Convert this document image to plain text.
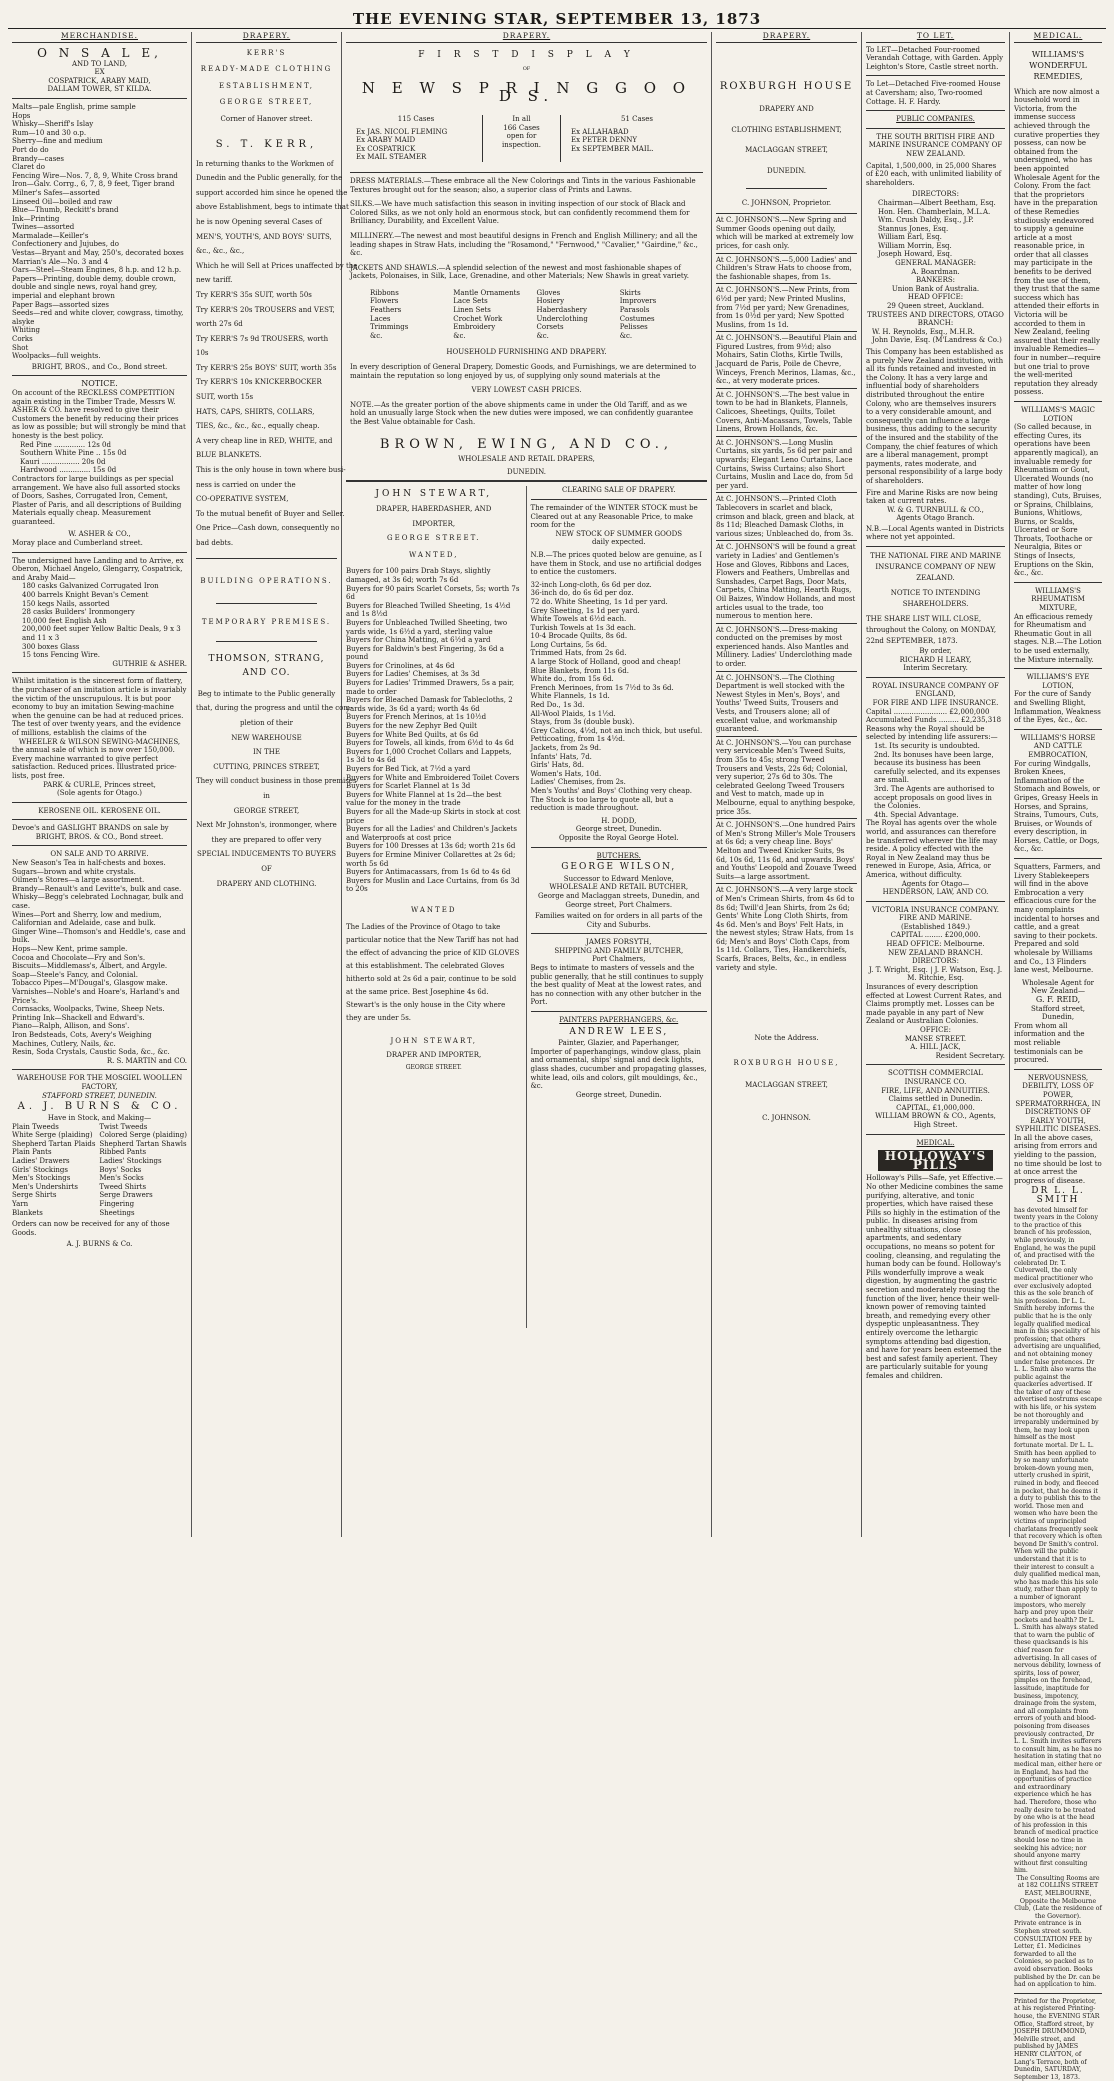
THE EVENING STAR, SEPTEMBER 13, 1873
MERCHANDISE.
O N S A L E,
AND TO LAND,
EX
COSPATRICK, ARABY MAID,
DALLAM TOWER, ST KILDA.
Malts—pale English, prime sample
Hops
Whisky—Sheriff's Islay
Rum—10 and 30 o.p.
Sherry—fine and medium
Port do do
Brandy—cases
Claret do
Fencing Wire—Nos. 7, 8, 9, White Cross brand
Iron—Galv. Corrg., 6, 7, 8, 9 feet, Tiger brand
Milner's Safes—assorted
Linseed Oil—boiled and raw
Blue—Thumb, Reckitt's brand
Ink—Printing
Twines—assorted
Marmalade—Keiller's
Confectionery and Jujubes, do
Vestas—Bryant and May, 250's, decorated boxes
Marrian's Ale—No. 3 and 4
Oars—Steel—Steam Engines, 8 h.p. and 12 h.p.
Papers—Printing, double demy, double crown, double and single news, royal hand grey, imperial and elephant brown
Paper Bags—assorted sizes
Seeds—red and white clover, cowgrass, timothy, alsyke
Whiting
Corks
Shot
Woolpacks—full weights.
BRIGHT, BROS., and Co., Bond street.
NOTICE.
On account of the RECKLESS COMPETITION again existing in the Timber Trade, Messrs W. ASHER & CO. have resolved to give their Customers the benefit by reducing their prices as low as possible; but will strongly be mind that honesty is the best policy.
Red Pine .............. 12s 0d
Southern White Pine .. 15s 0d
Kauri ................. 20s 0d
Hardwood .............. 15s 0d
Contractors for large buildings as per special arrangement. We have also full assorted stocks of Doors, Sashes, Corrugated Iron, Cement, Plaster of Paris, and all descriptions of Building Materials equally cheap. Measurement guaranteed.
W. ASHER & CO.,
Moray place and Cumberland street.
The undersigned have Landing and to Arrive, ex Oberon, Michael Angelo, Glengarry, Cospatrick, and Araby Maid—
180 casks Galvanized Corrugated Iron
400 barrels Knight Bevan's Cement
150 kegs Nails, assorted
28 casks Builders' Ironmongery
10,000 feet English Ash
200,000 feet super Yellow Baltic Deals, 9 x 3 and 11 x 3
300 boxes Glass
15 tons Fencing Wire.
GUTHRIE & ASHER.
Whilst imitation is the sincerest form of flattery, the purchaser of an imitation article is invariably the victim of the unscrupulous. It is but poor economy to buy an imitation Sewing-machine when the genuine can be had at reduced prices. The test of over twenty years, and the evidence of millions, establish the claims of the
WHEELER & WILSON SEWING-MACHINES,
the annual sale of which is now over 150,000. Every machine warranted to give perfect satisfaction. Reduced prices. Illustrated price-lists, post free.
PARK & CURLE, Princes street,
(Sole agents for Otago.)
KEROSENE OIL. KEROSENE OIL.
Devoe's and GASLIGHT BRANDS on sale by
BRIGHT, BROS. & CO., Bond street.
ON SALE AND TO ARRIVE.
New Season's Tea in half-chests and boxes.
Sugars—brown and white crystals.
Oilmen's Stores—a large assortment.
Brandy—Renault's and Levitte's, bulk and case.
Whisky—Begg's celebrated Lochnagar, bulk and case.
Wines—Port and Sherry, low and medium, Californian and Adelaide, case and bulk.
Ginger Wine—Thomson's and Heddle's, case and bulk.
Hops—New Kent, prime sample.
Cocoa and Chocolate—Fry and Son's.
Biscuits—Middlemass's, Albert, and Argyle.
Soap—Steele's Fancy, and Colonial.
Tobacco Pipes—M'Dougal's, Glasgow make.
Varnishes—Noble's and Hoare's, Harland's and Price's.
Cornsacks, Woolpacks, Twine, Sheep Nets.
Printing Ink—Shackell and Edward's.
Piano—Ralph, Allison, and Sons'.
Iron Bedsteads, Cots, Avery's Weighing Machines, Cutlery, Nails, &c.
Resin, Soda Crystals, Caustic Soda, &c., &c.
R. S. MARTIN and CO.
WAREHOUSE FOR THE MOSGIEL WOOLLEN FACTORY,
STAFFORD STREET, DUNEDIN.
A. J. BURNS & CO.
Have in Stock, and Making—
Plain Tweeds
White Serge (plaiding)
Shepherd Tartan Plaids
Plain Pants
Ladies' Drawers
Girls' Stockings
Men's Stockings
Men's Undershirts
Serge Shirts
Yarn
Blankets
Twist Tweeds
Colored Serge (plaiding)
Shepherd Tartan Shawls
Ribbed Pants
Ladies' Stockings
Boys' Socks
Men's Socks
Tweed Shirts
Serge Drawers
Fingering
Sheetings
Orders can now be received for any of those Goods.
A. J. BURNS & Co.
DRAPERY.
KERR'S
READY-MADE CLOTHING
ESTABLISHMENT,
GEORGE STREET,
Corner of Hanover street.
S. T. KERR,
In returning thanks to the Workmen of
Dunedin and the Public generally, for the
support accorded him since he opened the
above Establishment, begs to intimate that
he is now Opening several Cases of
MEN'S, YOUTH'S, AND BOYS' SUITS,
&c., &c., &c.,
Which he will Sell at Prices unaffected by the
new tariff.
Try KERR'S 35s SUIT, worth 50s
Try KERR'S 20s TROUSERS and VEST,
worth 27s 6d
Try KERR'S 7s 9d TROUSERS, worth
10s
Try KERR'S 25s BOYS' SUIT, worth 35s
Try KERR'S 10s KNICKERBOCKER
SUIT, worth 15s
HATS, CAPS, SHIRTS, COLLARS,
TIES, &c., &c., &c., equally cheap.
A very cheap line in RED, WHITE, and
BLUE BLANKETS.
This is the only house in town where busi-
ness is carried on under the
CO-OPERATIVE SYSTEM,
To the mutual benefit of Buyer and Seller.
One Price—Cash down, consequently no
bad debts.
BUILDING OPERATIONS.
TEMPORARY PREMISES.
THOMSON, STRANG, AND CO.
Beg to intimate to the Public generally
that, during the progress and until the com-
pletion of their
NEW WAREHOUSE
IN THE
CUTTING, PRINCES STREET,
They will conduct business in those premises
in
GEORGE STREET,
Next Mr Johnston's, ironmonger, where
they are prepared to offer very
SPECIAL INDUCEMENTS TO BUYERS
OF
DRAPERY AND CLOTHING.
DRAPERY.
F I R S T D I S P L A Y
OF
N E W S P R I N G G O O D S.
115 Cases
Ex JAS. NICOL FLEMING
Ex ARABY MAID
Ex COSPATRICK
Ex MAIL STEAMER
In all
166 Cases
open for
inspection.
51 Cases
Ex ALLAHABAD
Ex PETER DENNY
Ex SEPTEMBER MAIL.
DRESS MATERIALS.—These embrace all the New Colorings and Tints in the various Fashionable Textures brought out for the season; also, a superior class of Prints and Lawns.
SILKS.—We have much satisfaction this season in inviting inspection of our stock of Black and Colored Silks, as we not only hold an enormous stock, but can confidently recommend them for Brilliancy, Durability, and Excellent Value.
MILLINERY.—The newest and most beautiful designs in French and English Millinery; and all the leading shapes in Straw Hats, including the "Rosamond," "Fernwood," "Cavalier," "Gairdine," &c., &c.
JACKETS AND SHAWLS.—A splendid selection of the newest and most fashionable shapes of Jackets, Polonaises, in Silk, Lace, Grenadine, and other Materials; New Shawls in great variety.
Ribbons
Flowers
Feathers
Laces
Trimmings
&c.
Mantle Ornaments
Lace Sets
Linen Sets
Crochet Work
Embroidery
&c.
Gloves
Hosiery
Haberdashery
Underclothing
Corsets
&c.
Skirts
Improvers
Parasols
Costumes
Pelisses
&c.
HOUSEHOLD FURNISHING AND DRAPERY.
In every description of General Drapery, Domestic Goods, and Furnishings, we are determined to maintain the reputation so long enjoyed by us, of supplying only sound materials at the
VERY LOWEST CASH PRICES.
NOTE.—As the greater portion of the above shipments came in under the Old Tariff, and as we hold an unusually large Stock when the new duties were imposed, we can confidently guarantee the Best Value obtainable for Cash.
BROWN, EWING, AND CO.,
WHOLESALE AND RETAIL DRAPERS,
DUNEDIN.
JOHN STEWART,
DRAPER, HABERDASHER, AND
IMPORTER,
GEORGE STREET.
WANTED,
Buyers for 100 pairs Drab Stays, slightly damaged, at 3s 6d; worth 7s 6d
Buyers for 90 pairs Scarlet Corsets, 5s; worth 7s 6d
Buyers for Bleached Twilled Sheeting, 1s 4½d and 1s 8½d
Buyers for Unbleached Twilled Sheeting, two yards wide, 1s 6½d a yard, sterling value
Buyers for China Matting, at 6½d a yard
Buyers for Baldwin's best Fingering, 3s 6d a pound
Buyers for Crinolines, at 4s 6d
Buyers for Ladies' Chemises, at 3s 3d
Buyers for Ladies' Trimmed Drawers, 5s a pair, made to order
Buyers for Bleached Damask for Tablecloths, 2 yards wide, 3s 6d a yard; worth 4s 6d
Buyers for French Merinos, at 1s 10½d
Buyers for the new Zephyr Bed Quilt
Buyers for White Bed Quilts, at 6s 6d
Buyers for Towels, all kinds, from 6½d to 4s 6d
Buyers for 1,000 Crochet Collars and Lappets, 1s 3d to 4s 6d
Buyers for Bed Tick, at 7½d a yard
Buyers for White and Embroidered Toilet Covers
Buyers for Scarlet Flannel at 1s 3d
Buyers for White Flannel at 1s 2d—the best value for the money in the trade
Buyers for all the Made-up Skirts in stock at cost price
Buyers for all the Ladies' and Children's Jackets and Waterproofs at cost price
Buyers for 100 Dresses at 13s 6d; worth 21s 6d
Buyers for Ermine Miniver Collarettes at 2s 6d; worth 5s 6d
Buyers for Antimacassars, from 1s 6d to 4s 6d
Buyers for Muslin and Lace Curtains, from 6s 3d to 20s
WANTED
The Ladies of the Province of Otago to take particular notice that the New Tariff has not had the effect of advancing the price of KID GLOVES at this establishment. The celebrated Gloves hitherto sold at 2s 6d a pair, continue to be sold at the same price. Best Josephine 4s 6d. Stewart's is the only house in the City where they are under 5s.
JOHN STEWART,
DRAPER AND IMPORTER,
GEORGE STREET.
CLEARING SALE OF DRAPERY.
The remainder of the WINTER STOCK must be Cleared out at any Reasonable Price, to make room for the
NEW STOCK OF SUMMER GOODS
daily expected.
N.B.—The prices quoted below are genuine, as I have them in Stock, and use no artificial dodges to entice the customers.
32-inch Long-cloth, 6s 6d per doz.
36-inch do, do 6s 6d per doz.
72 do. White Sheeting, 1s 1d per yard.
Grey Sheeting, 1s 1d per yard.
White Towels at 6½d each.
Turkish Towels at 1s 3d each.
10-4 Brocade Quilts, 8s 6d.
Long Curtains, 5s 6d.
Trimmed Hats, from 2s 6d.
A large Stock of Holland, good and cheap!
Blue Blankets, from 11s 6d.
White do., from 15s 6d.
French Merinoes, from 1s 7½d to 3s 6d.
White Flannels, 1s 1d.
Red Do., 1s 3d.
All-Wool Plaids, 1s 1½d.
Stays, from 3s (double busk).
Grey Calicos, 4½d, not an inch thick, but useful.
Petticoating, from 1s 4½d.
Jackets, from 2s 9d.
Infants' Hats, 7d.
Girls' Hats, 8d.
Women's Hats, 10d.
Ladies' Chemises, from 2s.
Men's Youths' and Boys' Clothing very cheap. The Stock is too large to quote all, but a reduction is made throughout.
H. DODD,
George street, Dunedin.
Opposite the Royal George Hotel.
BUTCHERS.
GEORGE WILSON,
Successor to Edward Menlove,
WHOLESALE AND RETAIL BUTCHER,
George and Maclaggan streets, Dunedin, and George street, Port Chalmers.
Families waited on for orders in all parts of the City and Suburbs.
JAMES FORSYTH,
SHIPPING AND FAMILY BUTCHER,
Port Chalmers,
Begs to intimate to masters of vessels and the public generally, that he still continues to supply the best quality of Meat at the lowest rates, and has no connection with any other butcher in the Port.
PAINTERS PAPERHANGERS, &c.
ANDREW LEES,
Painter, Glazier, and Paperhanger,
Importer of paperhangings, window glass, plain and ornamental, ships' signal and deck lights, glass shades, cucumber and propagating glasses, white lead, oils and colors, gilt mouldings, &c., &c.
George street, Dunedin.
DRAPERY.
ROXBURGH HOUSE
DRAPERY AND
CLOTHING ESTABLISHMENT,
MACLAGGAN STREET,
DUNEDIN.
C. JOHNSON, Proprietor.
At C. JOHNSON'S.—New Spring and Summer Goods opening out daily, which will be marked at extremely low prices, for cash only.
At C. JOHNSON'S.—5,000 Ladies' and Children's Straw Hats to choose from, the fashionable shapes, from 1s.
At C. JOHNSON'S.—New Prints, from 6½d per yard; New Printed Muslins, from 7½d per yard; New Grenadines, from 1s 0½d per yard; New Spotted Muslins, from 1s 1d.
At C. JOHNSON'S.—Beautiful Plain and Figured Lustres, from 9½d; also Mohairs, Satin Cloths, Kirtle Twills, Jacquard de Paris, Poile de Chevre, Winceys, French Merinos, Llamas, &c., &c., at very moderate prices.
At C. JOHNSON'S.—The best value in town to be had in Blankets, Flannels, Calicoes, Sheetings, Quilts, Toilet Covers, Anti-Macassars, Towels, Table Linens, Brown Hollands, &c.
At C. JOHNSON'S.—Long Muslin Curtains, six yards, 5s 6d per pair and upwards; Elegant Leno Curtains, Lace Curtains, Swiss Curtains; also Short Curtains, Muslin and Lace do, from 5d per yard.
At C. JOHNSON'S.—Printed Cloth Tablecovers in scarlet and black, crimson and black, green and black, at 8s 11d; Bleached Damask Cloths, in various sizes; Unbleached do, from 3s.
At C. JOHNSON'S will be found a great variety in Ladies' and Gentlemen's Hose and Gloves, Ribbons and Laces, Flowers and Feathers, Umbrellas and Sunshades, Carpet Bags, Door Mats, Carpets, China Matting, Hearth Rugs, Oil Baizes, Window Hollands, and most articles usual to the trade, too numerous to mention here.
At C. JOHNSON'S.—Dress-making conducted on the premises by most experienced hands. Also Mantles and Millinery. Ladies' Underclothing made to order.
At C. JOHNSON'S.—The Clothing Department is well stocked with the Newest Styles in Men's, Boys', and Youths' Tweed Suits, Trousers and Vests, and Trousers alone; all of excellent value, and workmanship guaranteed.
At C. JOHNSON'S.—You can purchase very serviceable Men's Tweed Suits, from 35s to 45s; strong Tweed Trousers and Vests, 22s 6d; Colonial, very superior, 27s 6d to 30s. The celebrated Geelong Tweed Trousers and Vest to match, made up in Melbourne, equal to anything bespoke, price 35s.
At C. JOHNSON'S.—One hundred Pairs of Men's Strong Miller's Mole Trousers at 6s 6d; a very cheap line. Boys' Melton and Tweed Knicker Suits, 9s 6d, 10s 6d, 11s 6d, and upwards. Boys' and Youths' Leopold and Zouave Tweed Suits—a large assortment.
At C. JOHNSON'S.—A very large stock of Men's Crimean Shirts, from 4s 6d to 8s 6d; Twill'd Jean Shirts, from 2s 6d; Gents' White Long Cloth Shirts, from 4s 6d. Men's and Boys' Felt Hats, in the newest styles; Straw Hats, from 1s 6d; Men's and Boys' Cloth Caps, from 1s 11d. Collars, Ties, Handkerchiefs, Scarfs, Braces, Belts, &c., in endless variety and style.
Note the Address.
ROXBURGH HOUSE,
MACLAGGAN STREET,
C. JOHNSON.
TO LET.
To LET—Detached Four-roomed Verandah Cottage, with Garden. Apply Leighton's Store, Castle street north.
To Let—Detached Five-roomed House at Caversham; also, Two-roomed Cottage. H. F. Hardy.
PUBLIC COMPANIES.
THE SOUTH BRITISH FIRE AND MARINE INSURANCE COMPANY OF NEW ZEALAND.
Capital, 1,500,000, in 25,000 Shares of £20 each, with unlimited liability of shareholders.
DIRECTORS:
Chairman—Albert Beetham, Esq.
Hon. Hen. Chamberlain, M.L.A.
Wm. Crush Daldy, Esq., J.P.
Stannus Jones, Esq.
William Earl, Esq.
William Morrin, Esq.
Joseph Howard, Esq.
GENERAL MANAGER:
A. Boardman.
BANKERS:
Union Bank of Australia.
HEAD OFFICE:
29 Queen street, Auckland.
TRUSTEES AND DIRECTORS, OTAGO BRANCH:
W. H. Reynolds, Esq., M.H.R.
John Davie, Esq. (M'Landress & Co.)
This Company has been established as a purely New Zealand institution, with all its funds retained and invested in the Colony. It has a very large and influential body of shareholders distributed throughout the entire Colony, who are themselves insurers to a very considerable amount, and consequently can influence a large business, thus adding to the security of the insured and the stability of the Company, the chief features of which are a liberal management, prompt payments, rates moderate, and personal responsibility of a large body of shareholders.
Fire and Marine Risks are now being taken at current rates.
W. & G. TURNBULL & CO.,
Agents Otago Branch.
N.B.—Local Agents wanted in Districts where not yet appointed.
THE NATIONAL FIRE AND MARINE INSURANCE COMPANY OF NEW ZEALAND.
NOTICE TO INTENDING SHAREHOLDERS.
THE SHARE LIST WILL CLOSE, throughout the Colony, on MONDAY, 22nd SEPTEMBER, 1873.
By order,
RICHARD H LEARY,
Interim Secretary.
ROYAL INSURANCE COMPANY OF ENGLAND,
FOR FIRE AND LIFE INSURANCE.
Capital ........................ £2,000,000
Accumulated Funds ......... £2,235,318
Reasons why the Royal should be selected by intending life assurers:—
1st. Its security is undoubted.
2nd. Its bonuses have been large, because its business has been carefully selected, and its expenses are small.
3rd. The Agents are authorised to accept proposals on good lives in the Colonies.
4th. Special Advantage.
The Royal has agents over the whole world, and assurances can therefore be transferred wherever the life may reside. A policy effected with the Royal in New Zealand may thus be renewed in Europe, Asia, Africa, or America, without difficulty.
Agents for Otago—
HENDERSON, LAW, AND CO.
VICTORIA INSURANCE COMPANY.
FIRE AND MARINE.
(Established 1849.)
CAPITAL ........ £200,000.
HEAD OFFICE: Melbourne.
NEW ZEALAND BRANCH.
DIRECTORS:
J. T. Wright, Esq. | J. F. Watson, Esq. J. M. Ritchie, Esq.
Insurances of every description effected at Lowest Current Rates, and Claims promptly met. Losses can be made payable in any part of New Zealand or Australian Colonies.
OFFICE:
MANSE STREET.
A. HILL JACK,
Resident Secretary.
SCOTTISH COMMERCIAL INSURANCE CO.
FIRE, LIFE, AND ANNUITIES.
Claims settled in Dunedin.
CAPITAL, £1,000,000.
WILLIAM BROWN & CO., Agents, High Street.
MEDICAL.
HOLLOWAY'S PILLS
Holloway's Pills—Safe, yet Effective.—No other Medicine combines the same purifying, alterative, and tonic properties, which have raised these Pills so highly in the estimation of the public. In diseases arising from unhealthy situations, close apartments, and sedentary occupations, no means so potent for cooling, cleansing, and regulating the human body can be found. Holloway's Pills wonderfully improve a weak digestion, by augmenting the gastric secretion and moderately rousing the function of the liver, hence their well-known power of removing tainted breath, and remedying every other dyspeptic unpleasantness. They entirely overcome the lethargic symptoms attending bad digestion, and have for years been esteemed the best and safest family aperient. They are particularly suitable for young females and children.
MEDICAL.
WILLIAMS'S WONDERFUL REMEDIES,
Which are now almost a household word in Victoria, from the immense success achieved through the curative properties they possess, can now be obtained from the undersigned, who has been appointed Wholesale Agent for the Colony. From the fact that the proprietors have in the preparation of these Remedies studiously endeavored to supply a genuine article at a most reasonable price, in order that all classes may participate in the benefits to be derived from the use of them, they trust that the same success which has attended their efforts in Victoria will be accorded to them in New Zealand, feeling assured that their really invaluable Remedies—four in number—require but one trial to prove the well-merited reputation they already possess.
WILLIAMS'S MAGIC LOTION
(So called because, in effecting Cures, its operations have been apparently magical), an invaluable remedy for Rheumatism or Gout, Ulcerated Wounds (no matter of how long standing), Cuts, Bruises, or Sprains, Chilblains, Bunions, Whitlows, Burns, or Scalds, Ulcerated or Sore Throats, Toothache or Neuralgia, Bites or Stings of Insects, Eruptions on the Skin, &c., &c.
WILLIAMS'S RHEUMATISM MIXTURE,
An efficacious remedy for Rheumatism and Rheumatic Gout in all stages. N.B.—The Lotion to be used externally, the Mixture internally.
WILLIAMS'S EYE LOTION,
For the cure of Sandy and Swelling Blight, Inflammation, Weakness of the Eyes, &c., &c.
WILLIAMS'S HORSE AND CATTLE EMBROCATION,
For curing Windgalls, Broken Knees, Inflammation of the Stomach and Bowels, or Gripes, Greasy Heels in Horses, and Sprains, Strains, Tumours, Cuts, Bruises, or Wounds of every description, in Horses, Cattle, or Dogs, &c., &c.
Squatters, Farmers, and Livery Stablekeepers will find in the above Embrocation a very efficacious cure for the many complaints incidental to horses and cattle, and a great saving to their pockets. Prepared and sold wholesale by Williams and Co., 13 Flinders lane west, Melbourne.
Wholesale Agent for New Zealand—
G. F. REID,
Stafford street, Dunedin,
From whom all information and the most reliable testimonials can be procured.
NERVOUSNESS, DEBILITY, LOSS OF POWER, SPERMATORRHŒA, IN DISCRETIONS OF EARLY YOUTH, SYPHILITIC DISEASES.
In all the above cases, arising from errors and yielding to the passion, no time should be lost to at once arrest the progress of disease.
DR L. L. SMITH
has devoted himself for twenty years in the Colony to the practice of this branch of his profession, while previously, in England, he was the pupil of, and practised with the celebrated Dr. T. Culverwell, the only medical practitioner who ever exclusively adopted this as the sole branch of his profession. Dr L. L. Smith hereby informs the public that he is the only legally qualified medical man in this speciality of his profession; that others advertising are unqualified, and not obtaining money under false pretences. Dr L. L. Smith also warns the public against the quackeries advertised. If the taker of any of these advertised nostrums escape with his life, or his system be not thoroughly and irreparably undermined by them, he may look upon himself as the most fortunate mortal. Dr L. L. Smith has been applied to by so many unfortunate broken-down young men, utterly crushed in spirit, ruined in body, and fleeced in pocket, that he deems it a duty to publish this to the world. Those men and women who have been the victims of unprincipled charlatans frequently seek that recovery which is often beyond Dr Smith's control. When will the public understand that it is to their interest to consult a duly qualified medical man, who has made this his sole study, rather than apply to a number of ignorant impostors, who merely harp and prey upon their pockets and health? Dr L. L. Smith has always stated that to warn the public of these quacksands is his chief reason for advertising. In all cases of nervous debility, lowness of spirits, loss of power, pimples on the forehead, lassitude, inaptitude for business, impotency, drainage from the system, and all complaints from errors of youth and blood-poisoning from diseases previously contracted, Dr L. L. Smith invites sufferers to consult him, as he has no hesitation in stating that no medical man, either here or in England, has had the opportunities of practice and extraordinary experience which he has had. Therefore, those who really desire to be treated by one who is at the head of his profession in this branch of medical practice should lose no time in seeking his advice; nor should anyone marry without first consulting him.
The Consulting Rooms are at 182 COLLINS STREET EAST, MELBOURNE, Opposite the Melbourne Club, (Late the residence of the Governor).
Private entrance is in Stephen street south. CONSULTATION FEE by Letter, £1. Medicines forwarded to all the Colonies, so packed as to avoid observation. Books published by the Dr. can be had on application to him.
Printed for the Proprietor, at his registered Printing-house, the EVENING STAR Office, Stafford street, by JOSEPH DRUMMOND, Melville street, and published by JAMES HENRY CLAYTON, of Lang's Terrace, both of Dunedin, SATURDAY, September 13, 1873.
